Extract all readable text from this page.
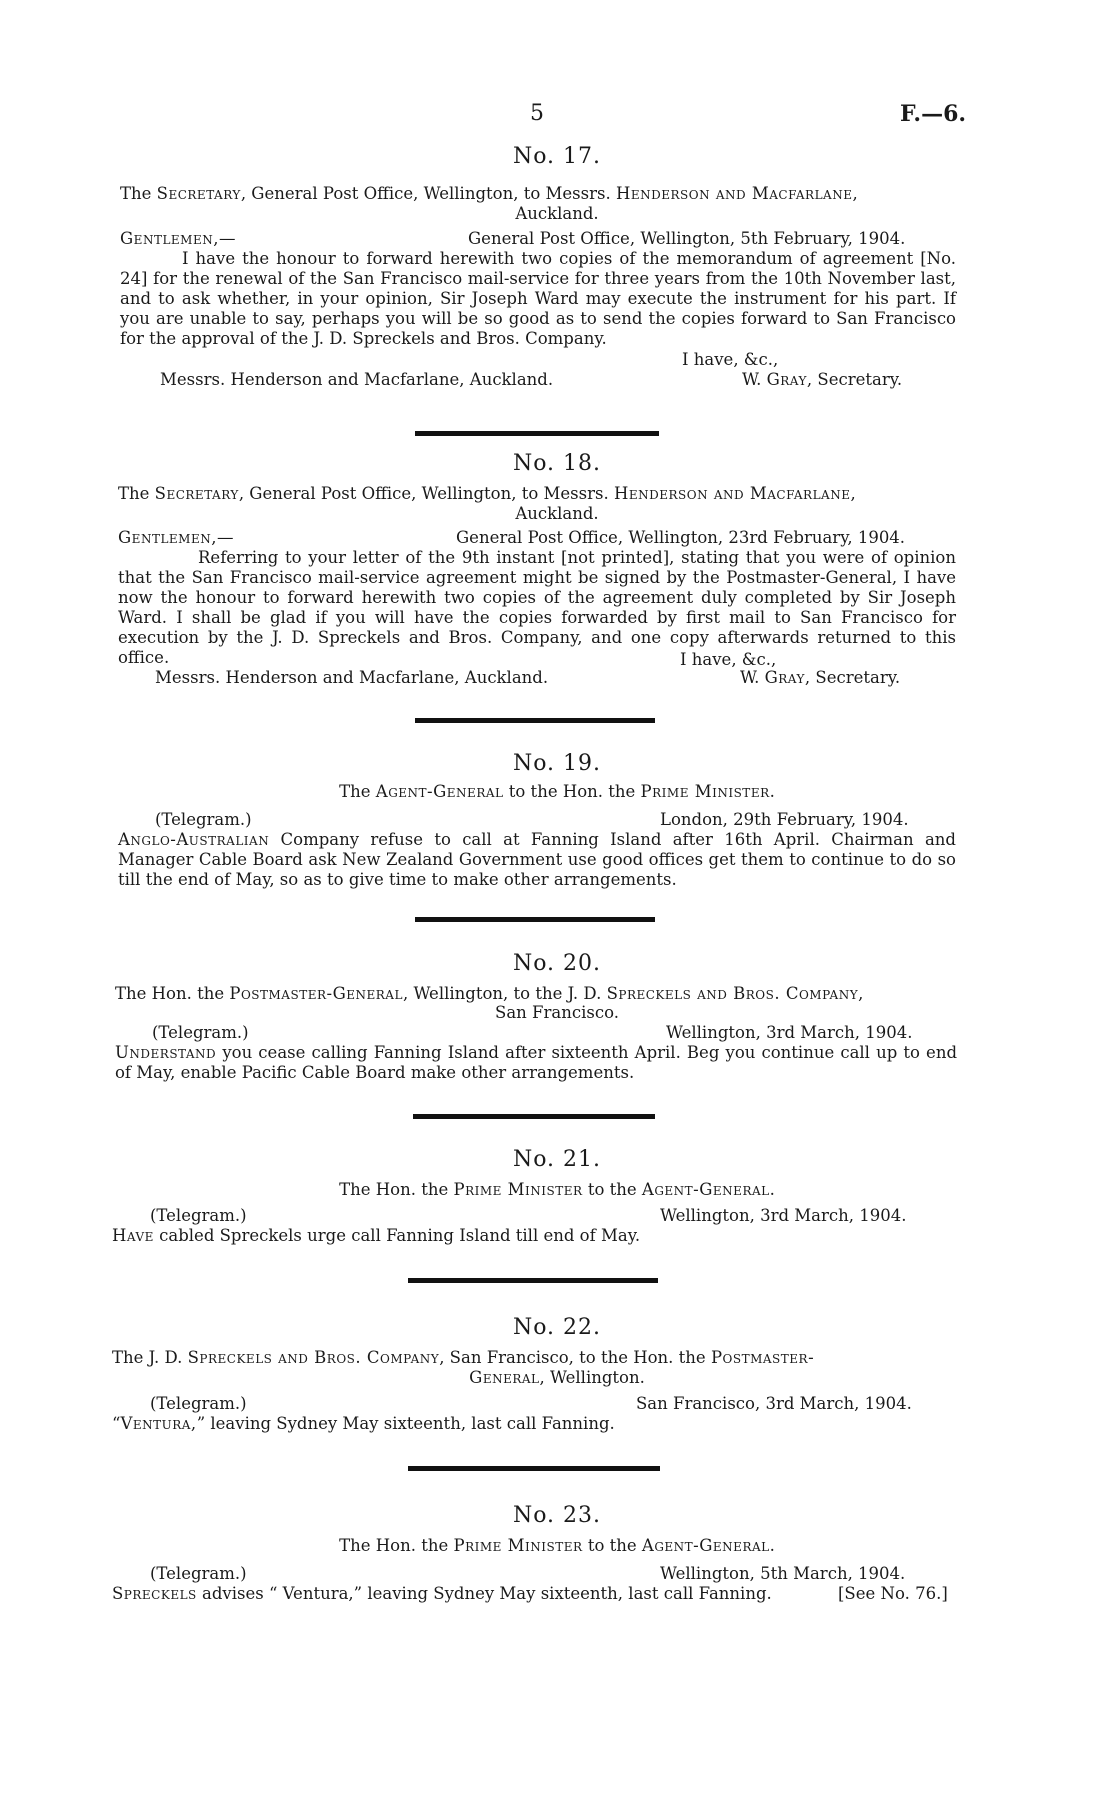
5	F.—6.
No. 17.
The Secretary, General Post Office, Wellington, to Messrs. Henderson and Macfarlane,
Auckland.
Gentlemen,—	General Post Office, Wellington, 5th February, 1904.
I have the honour to forward herewith two copies of the memorandum of agreement [No. 24] for the renewal of the San Francisco mail-service for three years from the 10th November last, and to ask whether, in your opinion, Sir Joseph Ward may execute the instrument for his part. If you are unable to say, perhaps you will be so good as to send the copies forward to San Francisco for the approval of the J. D. Spreckels and Bros. Company.
I have, &c.,
Messrs. Henderson and Macfarlane, Auckland.	W. Gray, Secretary.
No. 18.
The Secretary, General Post Office, Wellington, to Messrs. Henderson and Macfarlane,
Auckland.
Gentlemen,—	General Post Office, Wellington, 23rd February, 1904.
Referring to your letter of the 9th instant [not printed], stating that you were of opinion that the San Francisco mail-service agreement might be signed by the Postmaster-General, I have now the honour to forward herewith two copies of the agreement duly completed by Sir Joseph Ward. I shall be glad if you will have the copies forwarded by first mail to San Francisco for execution by the J. D. Spreckels and Bros. Company, and one copy afterwards returned to this office.	I have, &c.,
Messrs. Henderson and Macfarlane, Auckland.	W. Gray, Secretary.
No. 19.
The Agent-General to the Hon. the Prime Minister.
(Telegram.)	London, 29th February, 1904.
Anglo-Australian Company refuse to call at Fanning Island after 16th April. Chairman and Manager Cable Board ask New Zealand Government use good offices get them to continue to do so till the end of May, so as to give time to make other arrangements.
No. 20.
The Hon. the Postmaster-General, Wellington, to the J. D. Spreckels and Bros. Company,
San Francisco.
(Telegram.)	Wellington, 3rd March, 1904.
Understand you cease calling Fanning Island after sixteenth April. Beg you continue call up to end of May, enable Pacific Cable Board make other arrangements.
No. 21.
The Hon. the Prime Minister to the Agent-General.
(Telegram.)	Wellington, 3rd March, 1904.
Have cabled Spreckels urge call Fanning Island till end of May.
No. 22.
The J. D. Spreckels and Bros. Company, San Francisco, to the Hon. the Postmaster-
General, Wellington.
(Telegram.)	San Francisco, 3rd March, 1904.
“Ventura,” leaving Sydney May sixteenth, last call Fanning.
No. 23.
The Hon. the Prime Minister to the Agent-General.
(Telegram.)	Wellington, 5th March, 1904.
Spreckels advises “ Ventura,” leaving Sydney May sixteenth, last call Fanning.	[See No. 76.]
